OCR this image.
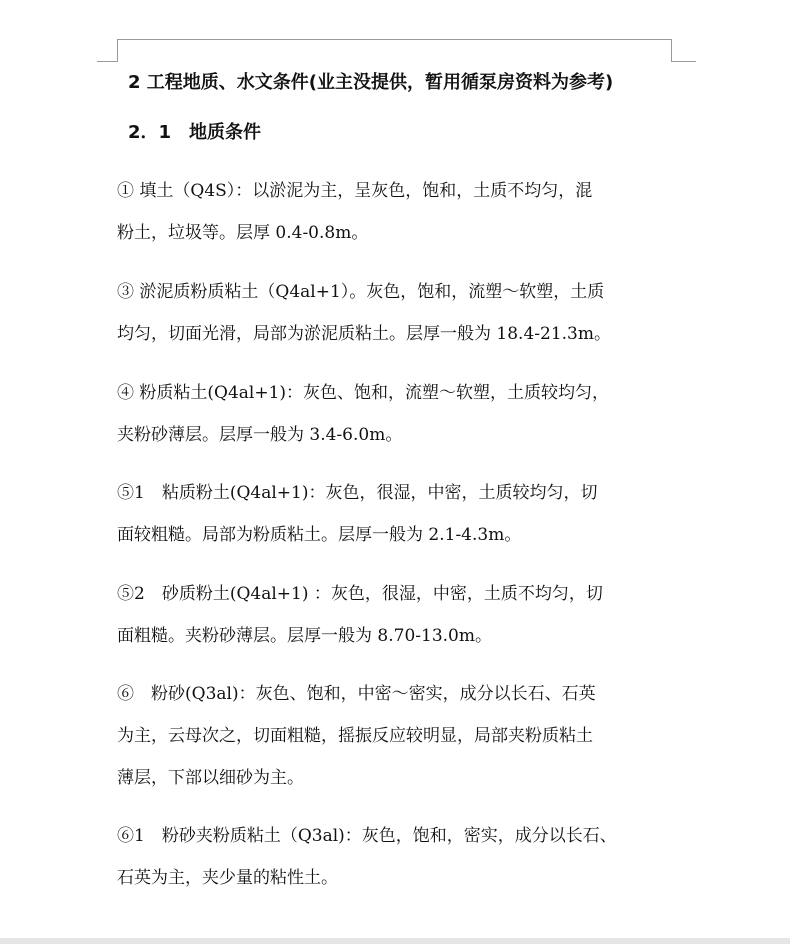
2 工程地质、水文条件(业主没提供，暂用循泵房资料为参考)
2．1　地质条件

① 填土（Q4S）：以淤泥为主，呈灰色，饱和，土质不均匀，混
粉土，垃圾等。层厚 0.4-0.8m。

③ 淤泥质粉质粘土（Q4al+1）。灰色，饱和，流塑～软塑，土质
均匀，切面光滑，局部为淤泥质粘土。层厚一般为 18.4-21.3m。

④ 粉质粘土(Q4al+1)：灰色、饱和，流塑～软塑，土质较均匀，
夹粉砂薄层。层厚一般为 3.4-6.0m。

⑤1　粘质粉土(Q4al+1)：灰色，很湿，中密，土质较均匀，切
面较粗糙。局部为粉质粘土。层厚一般为 2.1-4.3m。

⑤2　砂质粉土(Q4al+1) ：灰色，很湿，中密，土质不均匀，切
面粗糙。夹粉砂薄层。层厚一般为 8.70-13.0m。

⑥　粉砂(Q3al)：灰色、饱和，中密～密实，成分以长石、石英
为主，云母次之，切面粗糙，摇振反应较明显，局部夹粉质粘土
薄层，下部以细砂为主。

⑥1　粉砂夹粉质粘土（Q3al)：灰色，饱和，密实，成分以长石、
石英为主，夹少量的粘性土。
